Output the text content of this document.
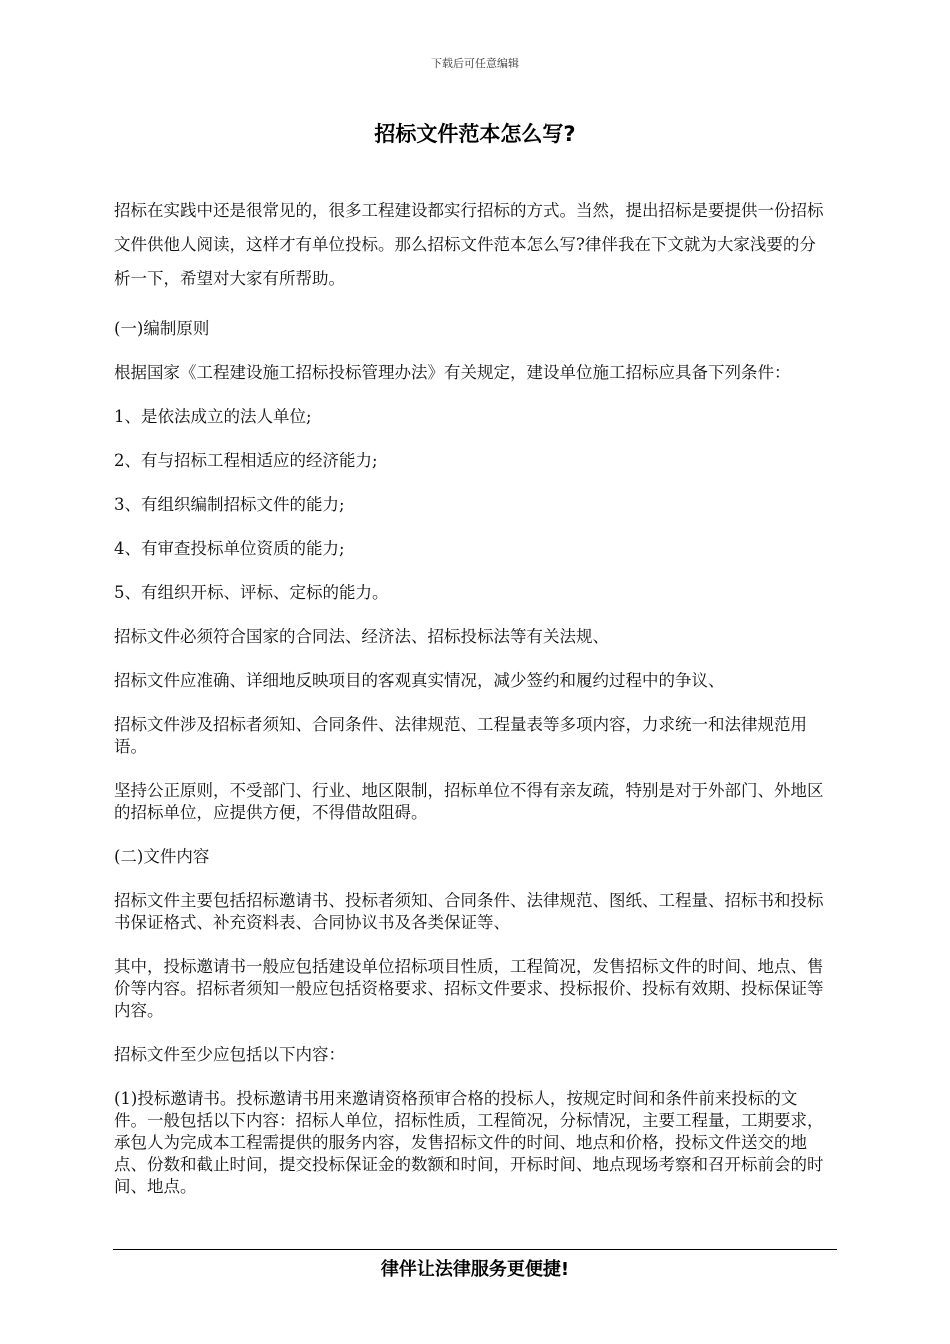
下载后可任意编辑
招标文件范本怎么写?

招标在实践中还是很常见的，很多工程建设都实行招标的方式。当然，提出招标是要提供一份招标文件供他人阅读，这样才有单位投标。那么招标文件范本怎么写?律伴我在下文就为大家浅要的分析一下，希望对大家有所帮助。

(一)编制原则

根据国家《工程建设施工招标投标管理办法》有关规定，建设单位施工招标应具备下列条件：

1、是依法成立的法人单位;

2、有与招标工程相适应的经济能力;

3、有组织编制招标文件的能力;

4、有审查投标单位资质的能力;

5、有组织开标、评标、定标的能力。

招标文件必须符合国家的合同法、经济法、招标投标法等有关法规、

招标文件应准确、详细地反映项目的客观真实情况，减少签约和履约过程中的争议、

招标文件涉及招标者须知、合同条件、法律规范、工程量表等多项内容，力求统一和法律规范用语。

坚持公正原则，不受部门、行业、地区限制，招标单位不得有亲友疏，特别是对于外部门、外地区的招标单位，应提供方便，不得借故阻碍。

(二)文件内容

招标文件主要包括招标邀请书、投标者须知、合同条件、法律规范、图纸、工程量、招标书和投标书保证格式、补充资料表、合同协议书及各类保证等、

其中，投标邀请书一般应包括建设单位招标项目性质，工程简况，发售招标文件的时间、地点、售价等内容。招标者须知一般应包括资格要求、招标文件要求、投标报价、投标有效期、投标保证等内容。

招标文件至少应包括以下内容：

(1)投标邀请书。投标邀请书用来邀请资格预审合格的投标人，按规定时间和条件前来投标的文件。一般包括以下内容：招标人单位，招标性质，工程简况，分标情况，主要工程量，工期要求，承包人为完成本工程需提供的服务内容，发售招标文件的时间、地点和价格，投标文件送交的地点、份数和截止时间，提交投标保证金的数额和时间，开标时间、地点现场考察和召开标前会的时间、地点。

律伴让法律服务更便捷!
